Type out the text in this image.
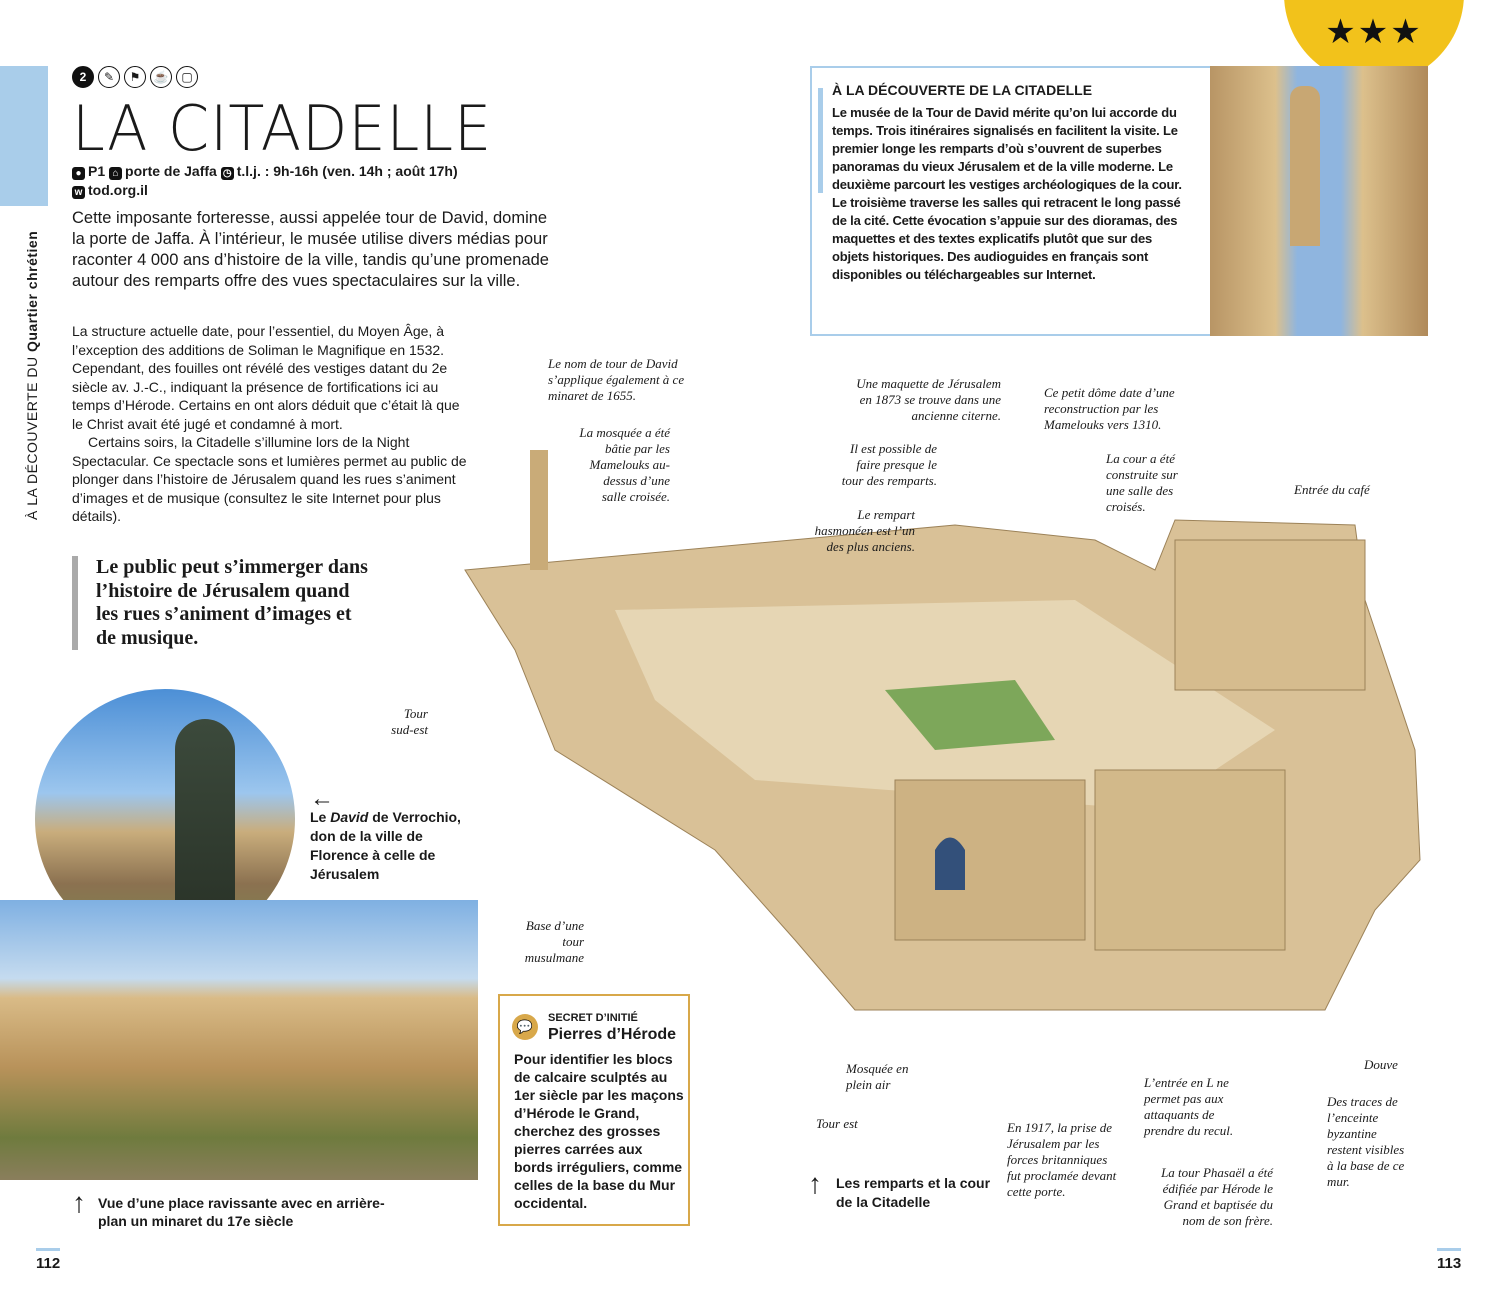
À LA DÉCOUVERTE DU Quartier chrétien
2	✎	⚑	☕	▢
LA CITADELLE
● P1 ⌂ porte de Jaffa ◷ t.l.j. : 9h-16h (ven. 14h ; août 17h)
w tod.org.il

Cette imposante forteresse, aussi appelée tour de David, domine la porte de Jaffa. À l’intérieur, le musée utilise divers médias pour raconter 4 000 ans d’histoire de la ville, tandis qu’une promenade autour des remparts offre des vues spectaculaires sur la ville.

La structure actuelle date, pour l’essentiel, du Moyen Âge, à l’exception des additions de Soliman le Magnifique en 1532. Cependant, des fouilles ont révélé des vestiges datant du 2e siècle av. J.-C., indiquant la présence de fortifications ici au temps d’Hérode. Certains en ont alors déduit que c’était là que le Christ avait été jugé et condamné à mort.

Certains soirs, la Citadelle s’illumine lors de la Night Spectacular. Ce spectacle sons et lumières permet au public de plonger dans l’histoire de Jérusalem quand les rues s’animent d’images et de musique (consultez le site Internet pour plus détails).

Le public peut s’immerger dans l’histoire de Jérusalem quand les rues s’animent d’images et de musique.
←
Le David de Verrochio, don de la ville de Florence à celle de Jérusalem
↑ Vue d’une place ravissante avec en arrière-plan un minaret du 17e siècle
💬
SECRET D’INITIÉ
Pierres d’Hérode
Pour identifier les blocs de calcaire sculptés au 1er siècle par les maçons d’Hérode le Grand, cherchez des grosses pierres carrées aux bords irréguliers, comme celles de la base du Mur occidental.
★★★
À LA DÉCOUVERTE DE LA CITADELLE
Le musée de la Tour de David mérite qu’on lui accorde du temps. Trois itinéraires signalisés en facilitent la visite. Le premier longe les remparts d’où s’ouvrent de superbes panoramas du vieux Jérusalem et de la ville moderne. Le deuxième parcourt les vestiges archéologiques de la cour. Le troisième traverse les salles qui retracent le long passé de la cité. Cette évocation s’appuie sur des dioramas, des maquettes et des textes explicatifs plutôt que sur des objets historiques. Des audioguides en français sont disponibles ou téléchargeables sur Internet.
Le nom de tour de David s’applique également à ce minaret de 1655.
La mosquée a été bâtie par les Mamelouks au-dessus d’une salle croisée.
Une maquette de Jérusalem en 1873 se trouve dans une ancienne citerne.
Ce petit dôme date d’une reconstruction par les Mamelouks vers 1310.
Il est possible de faire presque le tour des remparts.
La cour a été construite sur une salle des croisés.
Entrée du café
Le rempart hasmonéen est l’un des plus anciens.
Tour sud-est
Base d’une tour musulmane
Mosquée en plein air
Tour est	En 1917, la prise de Jérusalem par les forces britanniques fut proclamée devant cette porte.
L’entrée en L ne permet pas aux attaquants de prendre du recul.
La tour Phasaël a été édifiée par Hérode le Grand et baptisée du nom de son frère.
Douve
Des traces de l’enceinte byzantine restent visibles à la base de ce mur.
↑ Les remparts et la cour de la Citadelle
112	113
